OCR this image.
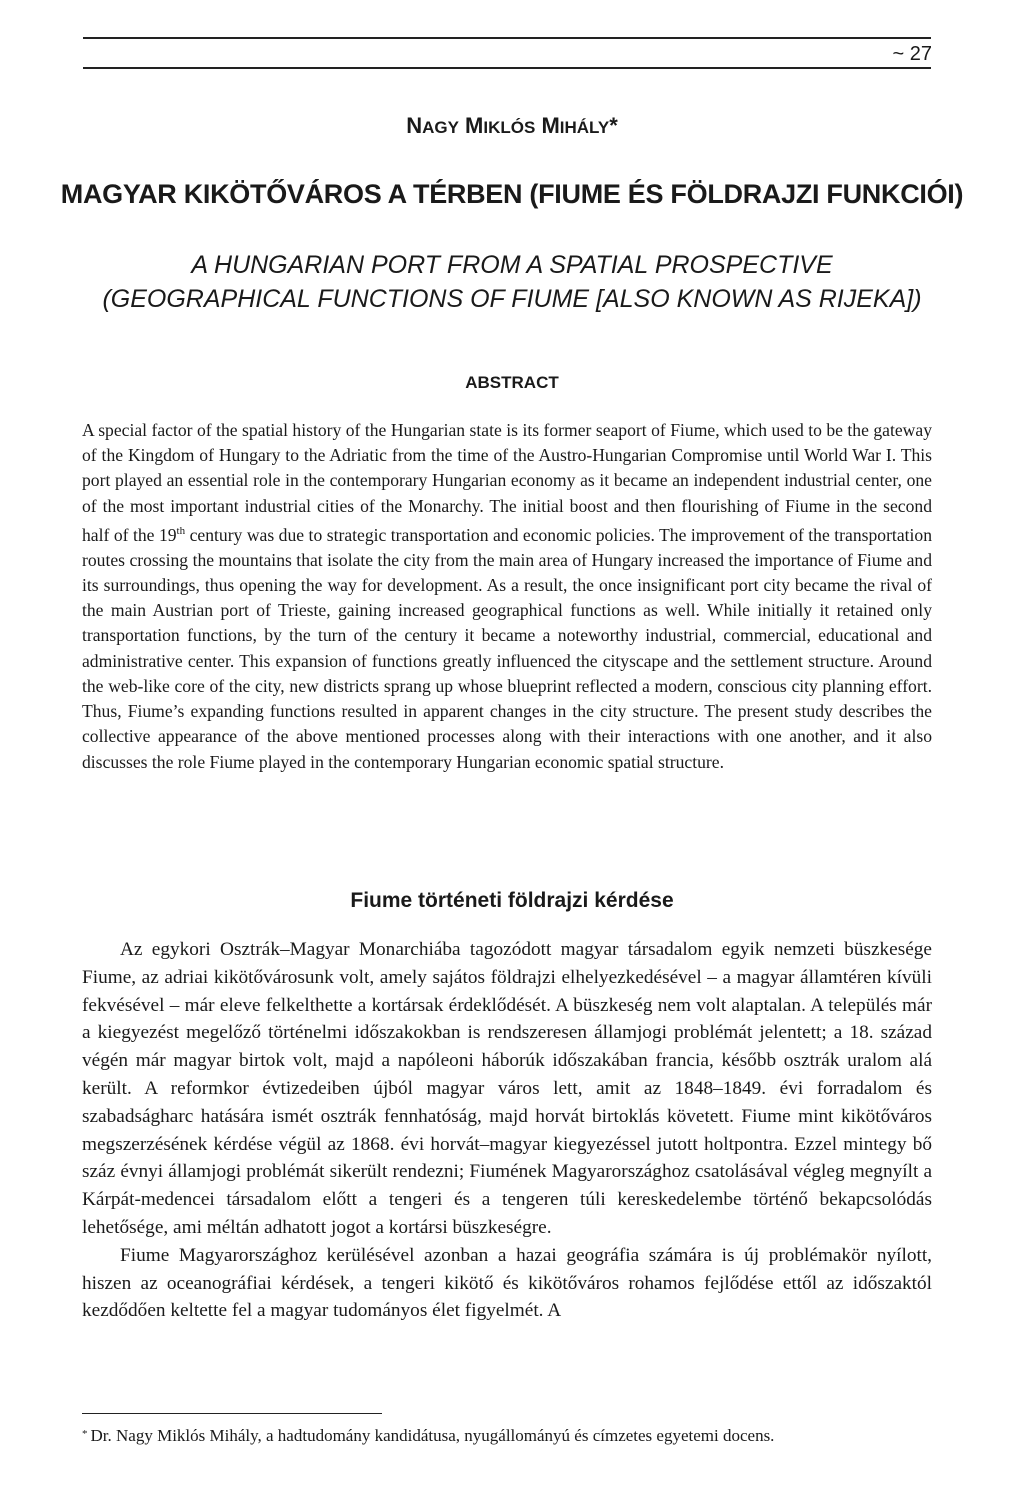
~ 27
NAGY MIKLÓS MIHÁLY*
MAGYAR KIKÖTŐVÁROS A TÉRBEN (FIUME ÉS FÖLDRAJZI FUNKCIÓI)
A HUNGARIAN PORT FROM A SPATIAL PROSPECTIVE
(GEOGRAPHICAL FUNCTIONS OF FIUME [ALSO KNOWN AS RIJEKA])
ABSTRACT

A special factor of the spatial history of the Hungarian state is its former seaport of Fiume, which used to be the gateway of the Kingdom of Hungary to the Adriatic from the time of the Austro-Hungarian Compromise until World War I. This port played an essential role in the contemporary Hungarian economy as it became an independent industrial center, one of the most important industrial cities of the Monarchy. The initial boost and then flourishing of Fiume in the second half of the 19th century was due to strategic transportation and economic policies. The improvement of the transportation routes crossing the mountains that isolate the city from the main area of Hungary increased the importance of Fiume and its surroundings, thus opening the way for development. As a result, the once insignificant port city became the rival of the main Austrian port of Trieste, gaining increased geographical functions as well. While initially it retained only transportation functions, by the turn of the century it became a noteworthy industrial, commercial, educational and administrative center. This expansion of functions greatly influenced the cityscape and the settlement structure. Around the web-like core of the city, new districts sprang up whose blueprint reflected a modern, conscious city planning effort. Thus, Fiume’s expanding functions resulted in apparent changes in the city structure. The present study describes the collective appearance of the above mentioned processes along with their interactions with one another, and it also discusses the role Fiume played in the contemporary Hungarian economic spatial structure.

Fiume történeti földrajzi kérdése

Az egykori Osztrák–Magyar Monarchiába tagozódott magyar társadalom egyik nemzeti büszkesége Fiume, az adriai kikötővárosunk volt, amely sajátos földrajzi elhelyezkedésével – a magyar államtéren kívüli fekvésével – már eleve felkelthette a kortársak érdeklődését. A büszkeség nem volt alaptalan. A település már a kiegyezést megelőző történelmi időszakokban is rendszeresen államjogi problémát jelentett; a 18. század végén már magyar birtok volt, majd a napóleoni háborúk időszakában francia, később osztrák uralom alá került. A reformkor évtizedeiben újból magyar város lett, amit az 1848–1849. évi forradalom és szabadságharc hatására ismét osztrák fennhatóság, majd horvát birtoklás követett. Fiume mint kikötőváros megszerzésének kérdése végül az 1868. évi horvát–magyar kiegyezéssel jutott holtpontra. Ezzel mintegy bő száz évnyi államjogi problémát sikerült rendezni; Fiumének Magyarországhoz csatolásával végleg megnyílt a Kárpát-medencei társadalom előtt a tengeri és a tengeren túli kereskedelembe történő bekapcsolódás lehetősége, ami méltán adhatott jogot a kortársi büszkeségre.

Fiume Magyarországhoz kerülésével azonban a hazai geográfia számára is új problémakör nyílott, hiszen az oceanográfiai kérdések, a tengeri kikötő és kikötőváros rohamos fejlődése ettől az időszaktól kezdődően keltette fel a magyar tudományos élet figyelmét. A

* Dr. Nagy Miklós Mihály, a hadtudomány kandidátusa, nyugállományú és címzetes egyetemi docens.
